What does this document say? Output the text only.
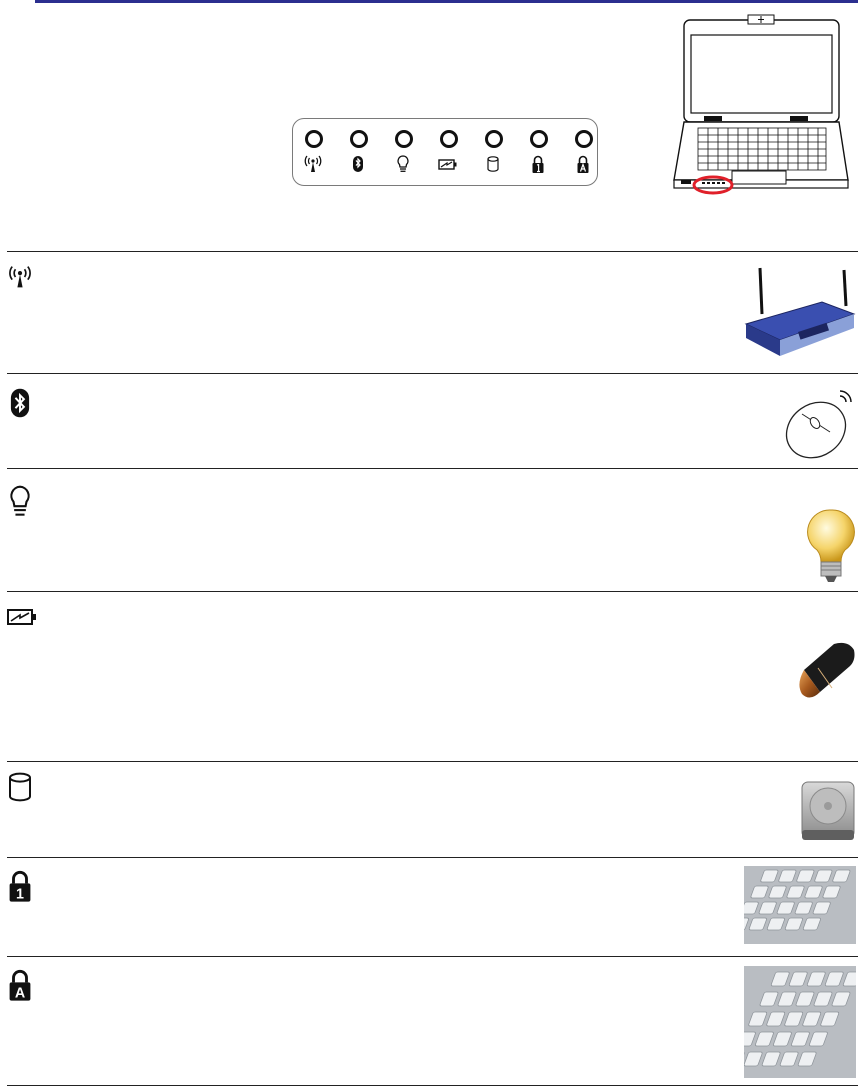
1
A
